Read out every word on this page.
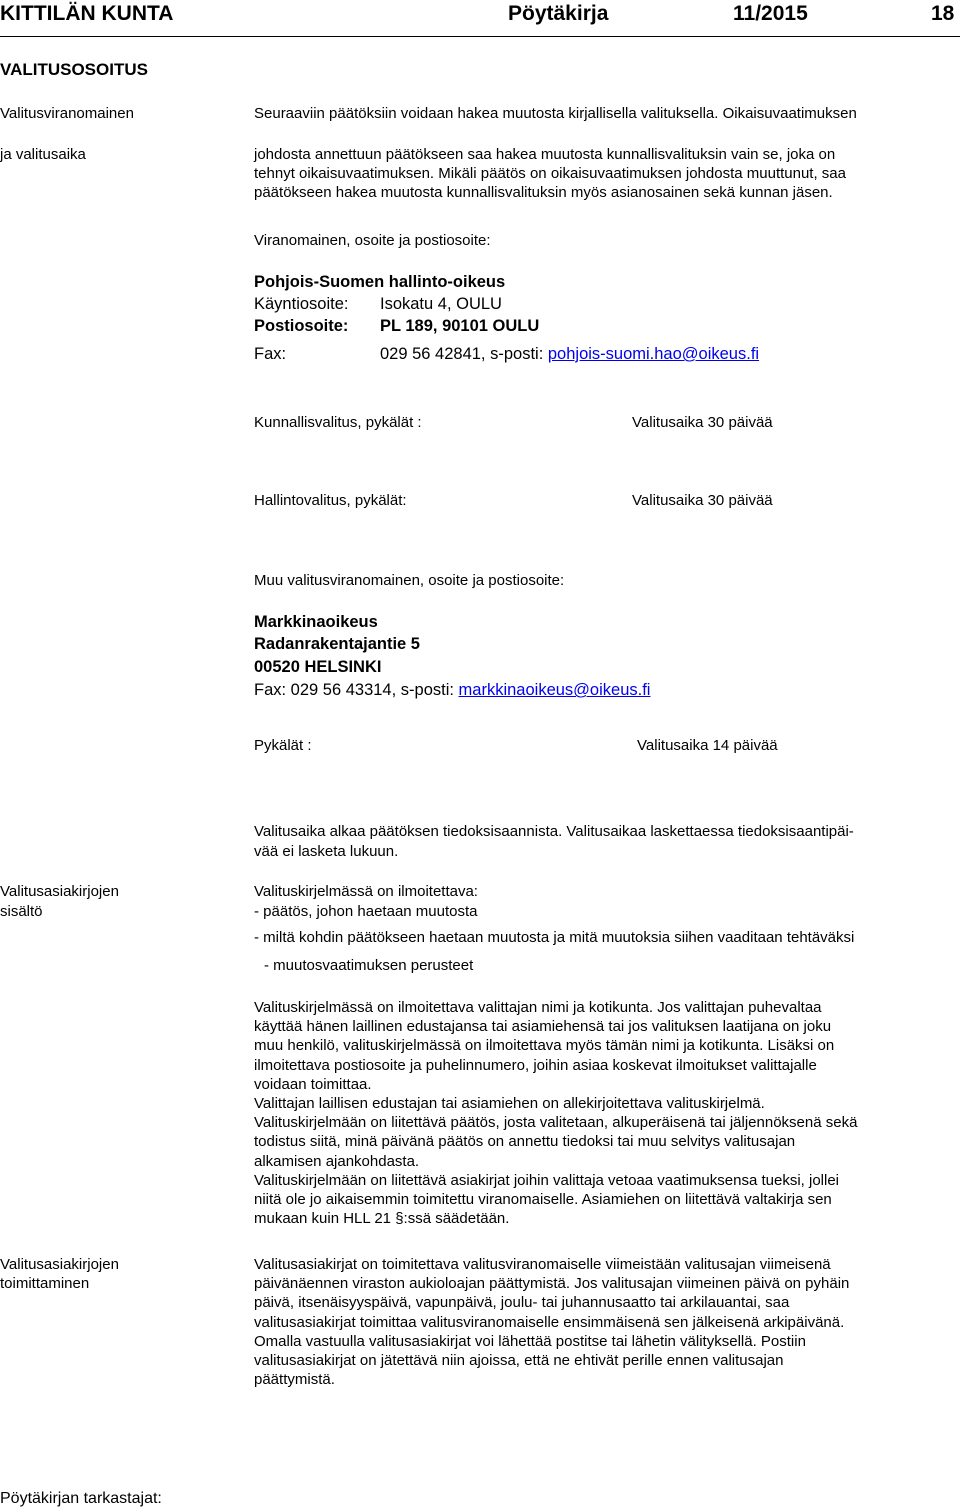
KITTILÄN KUNTA	Pöytäkirja	11/2015	18
VALITUSOSOITUS
Valitusviranomainen
ja valitusaika
Seuraaviin päätöksiin voidaan hakea muutosta kirjallisella valituksella. Oikaisuvaatimuksen
johdosta annettuun päätökseen saa hakea muutosta kunnallisvalituksin vain se, joka on
tehnyt oikaisuvaatimuksen. Mikäli päätös on oikaisuvaatimuksen johdosta muuttunut, saa
päätökseen hakea muutosta kunnallisvalituksin myös asianosainen sekä kunnan jäsen.
Viranomainen, osoite ja postiosoite:
Pohjois-Suomen hallinto-oikeus
Käyntiosoite: Isokatu 4, OULU
Postiosoite: PL 189, 90101 OULU
Fax:	029 56 42841, s-posti: pohjois-suomi.hao@oikeus.fi
Kunnallisvalitus, pykälät :	Valitusaika 30 päivää
Hallintovalitus, pykälät:	Valitusaika 30 päivää
Muu valitusviranomainen, osoite ja postiosoite:
Markkinaoikeus
Radanrakentajantie 5
00520 HELSINKI
Fax: 029 56 43314, s-posti: markkinaoikeus@oikeus.fi
Pykälät :	Valitusaika 14 päivää
Valitusaika alkaa päätöksen tiedoksisaannista. Valitusaikaa laskettaessa tiedoksisaantipäi-
vää ei lasketa lukuun.
Valitusasiakirjojen
sisältö
Valituskirjelmässä on ilmoitettava:
- päätös, johon haetaan muutosta
- miltä kohdin päätökseen haetaan muutosta ja mitä muutoksia siihen vaaditaan tehtäväksi
- muutosvaatimuksen perusteet

Valituskirjelmässä on ilmoitettava valittajan nimi ja kotikunta. Jos valittajan puhevaltaa

käyttää hänen laillinen edustajansa tai asiamiehensä tai jos valituksen laatijana on joku

muu henkilö, valituskirjelmässä on ilmoitettava myös tämän nimi ja kotikunta. Lisäksi on

ilmoitettava postiosoite ja puhelinnumero, joihin asiaa koskevat ilmoitukset valittajalle

voidaan toimittaa.

Valittajan laillisen edustajan tai asiamiehen on allekirjoitettava valituskirjelmä.

Valituskirjelmään on liitettävä päätös, josta valitetaan, alkuperäisenä tai jäljennöksenä sekä

todistus siitä, minä päivänä päätös on annettu tiedoksi tai muu selvitys valitusajan

alkamisen ajankohdasta.

Valituskirjelmään on liitettävä asiakirjat joihin valittaja vetoaa vaatimuksensa tueksi, jollei

niitä ole jo aikaisemmin toimitettu viranomaiselle. Asiamiehen on liitettävä valtakirja sen

mukaan kuin HLL 21 §:ssä säädetään.

Valitusasiakirjojen
toimittaminen

Valitusasiakirjat on toimitettava valitusviranomaiselle viimeistään valitusajan viimeisenä

päivänäennen viraston aukioloajan päättymistä. Jos valitusajan viimeinen päivä on pyhäin

päivä, itsenäisyyspäivä, vapunpäivä, joulu- tai juhannusaatto tai arkilauantai, saa

valitusasiakirjat toimittaa valitusviranomaiselle ensimmäisenä sen jälkeisenä arkipäivänä.

Omalla vastuulla valitusasiakirjat voi lähettää postitse tai lähetin välityksellä. Postiin

valitusasiakirjat on jätettävä niin ajoissa, että ne ehtivät perille ennen valitusajan

päättymistä.

Pöytäkirjan tarkastajat:
